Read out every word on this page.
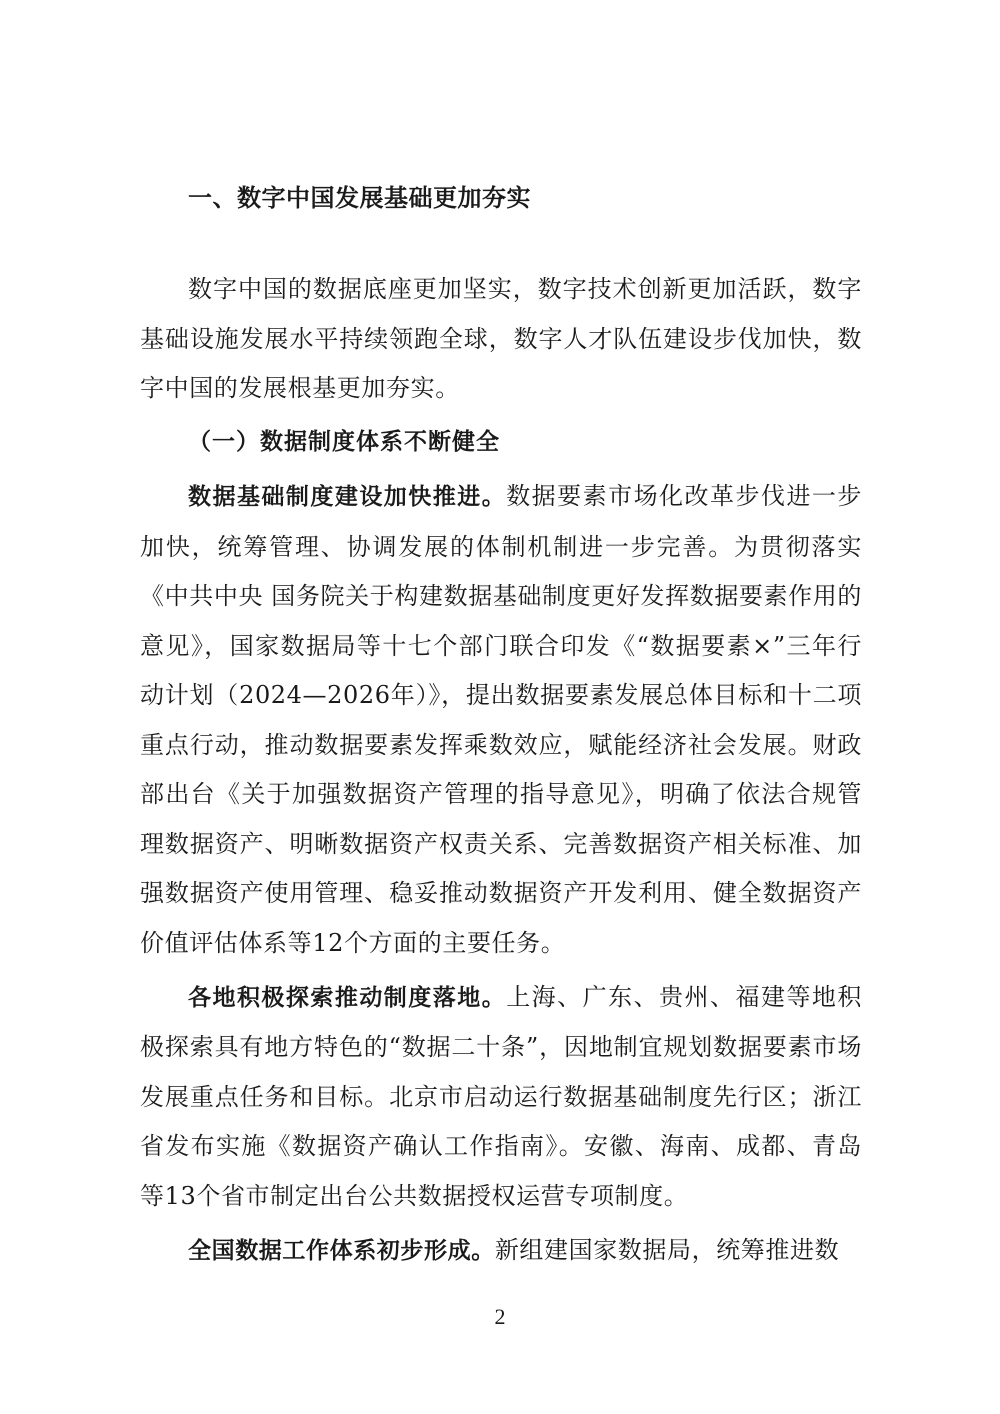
一、数字中国发展基础更加夯实

数字中国的数据底座更加坚实，数字技术创新更加活跃，数字基础设施发展水平持续领跑全球，数字人才队伍建设步伐加快，数字中国的发展根基更加夯实。

（一）数据制度体系不断健全

数据基础制度建设加快推进。数据要素市场化改革步伐进一步加快，统筹管理、协调发展的体制机制进一步完善。为贯彻落实《中共中央 国务院关于构建数据基础制度更好发挥数据要素作用的意见》，国家数据局等十七个部门联合印发《“数据要素×”三年行动计划（2024—2026年）》，提出数据要素发展总体目标和十二项重点行动，推动数据要素发挥乘数效应，赋能经济社会发展。财政部出台《关于加强数据资产管理的指导意见》，明确了依法合规管理数据资产、明晰数据资产权责关系、完善数据资产相关标准、加强数据资产使用管理、稳妥推动数据资产开发利用、健全数据资产价值评估体系等12个方面的主要任务。

各地积极探索推动制度落地。上海、广东、贵州、福建等地积极探索具有地方特色的“数据二十条”，因地制宜规划数据要素市场发展重点任务和目标。北京市启动运行数据基础制度先行区；浙江省发布实施《数据资产确认工作指南》。安徽、海南、成都、青岛等13个省市制定出台公共数据授权运营专项制度。

全国数据工作体系初步形成。新组建国家数据局，统筹推进数

2
